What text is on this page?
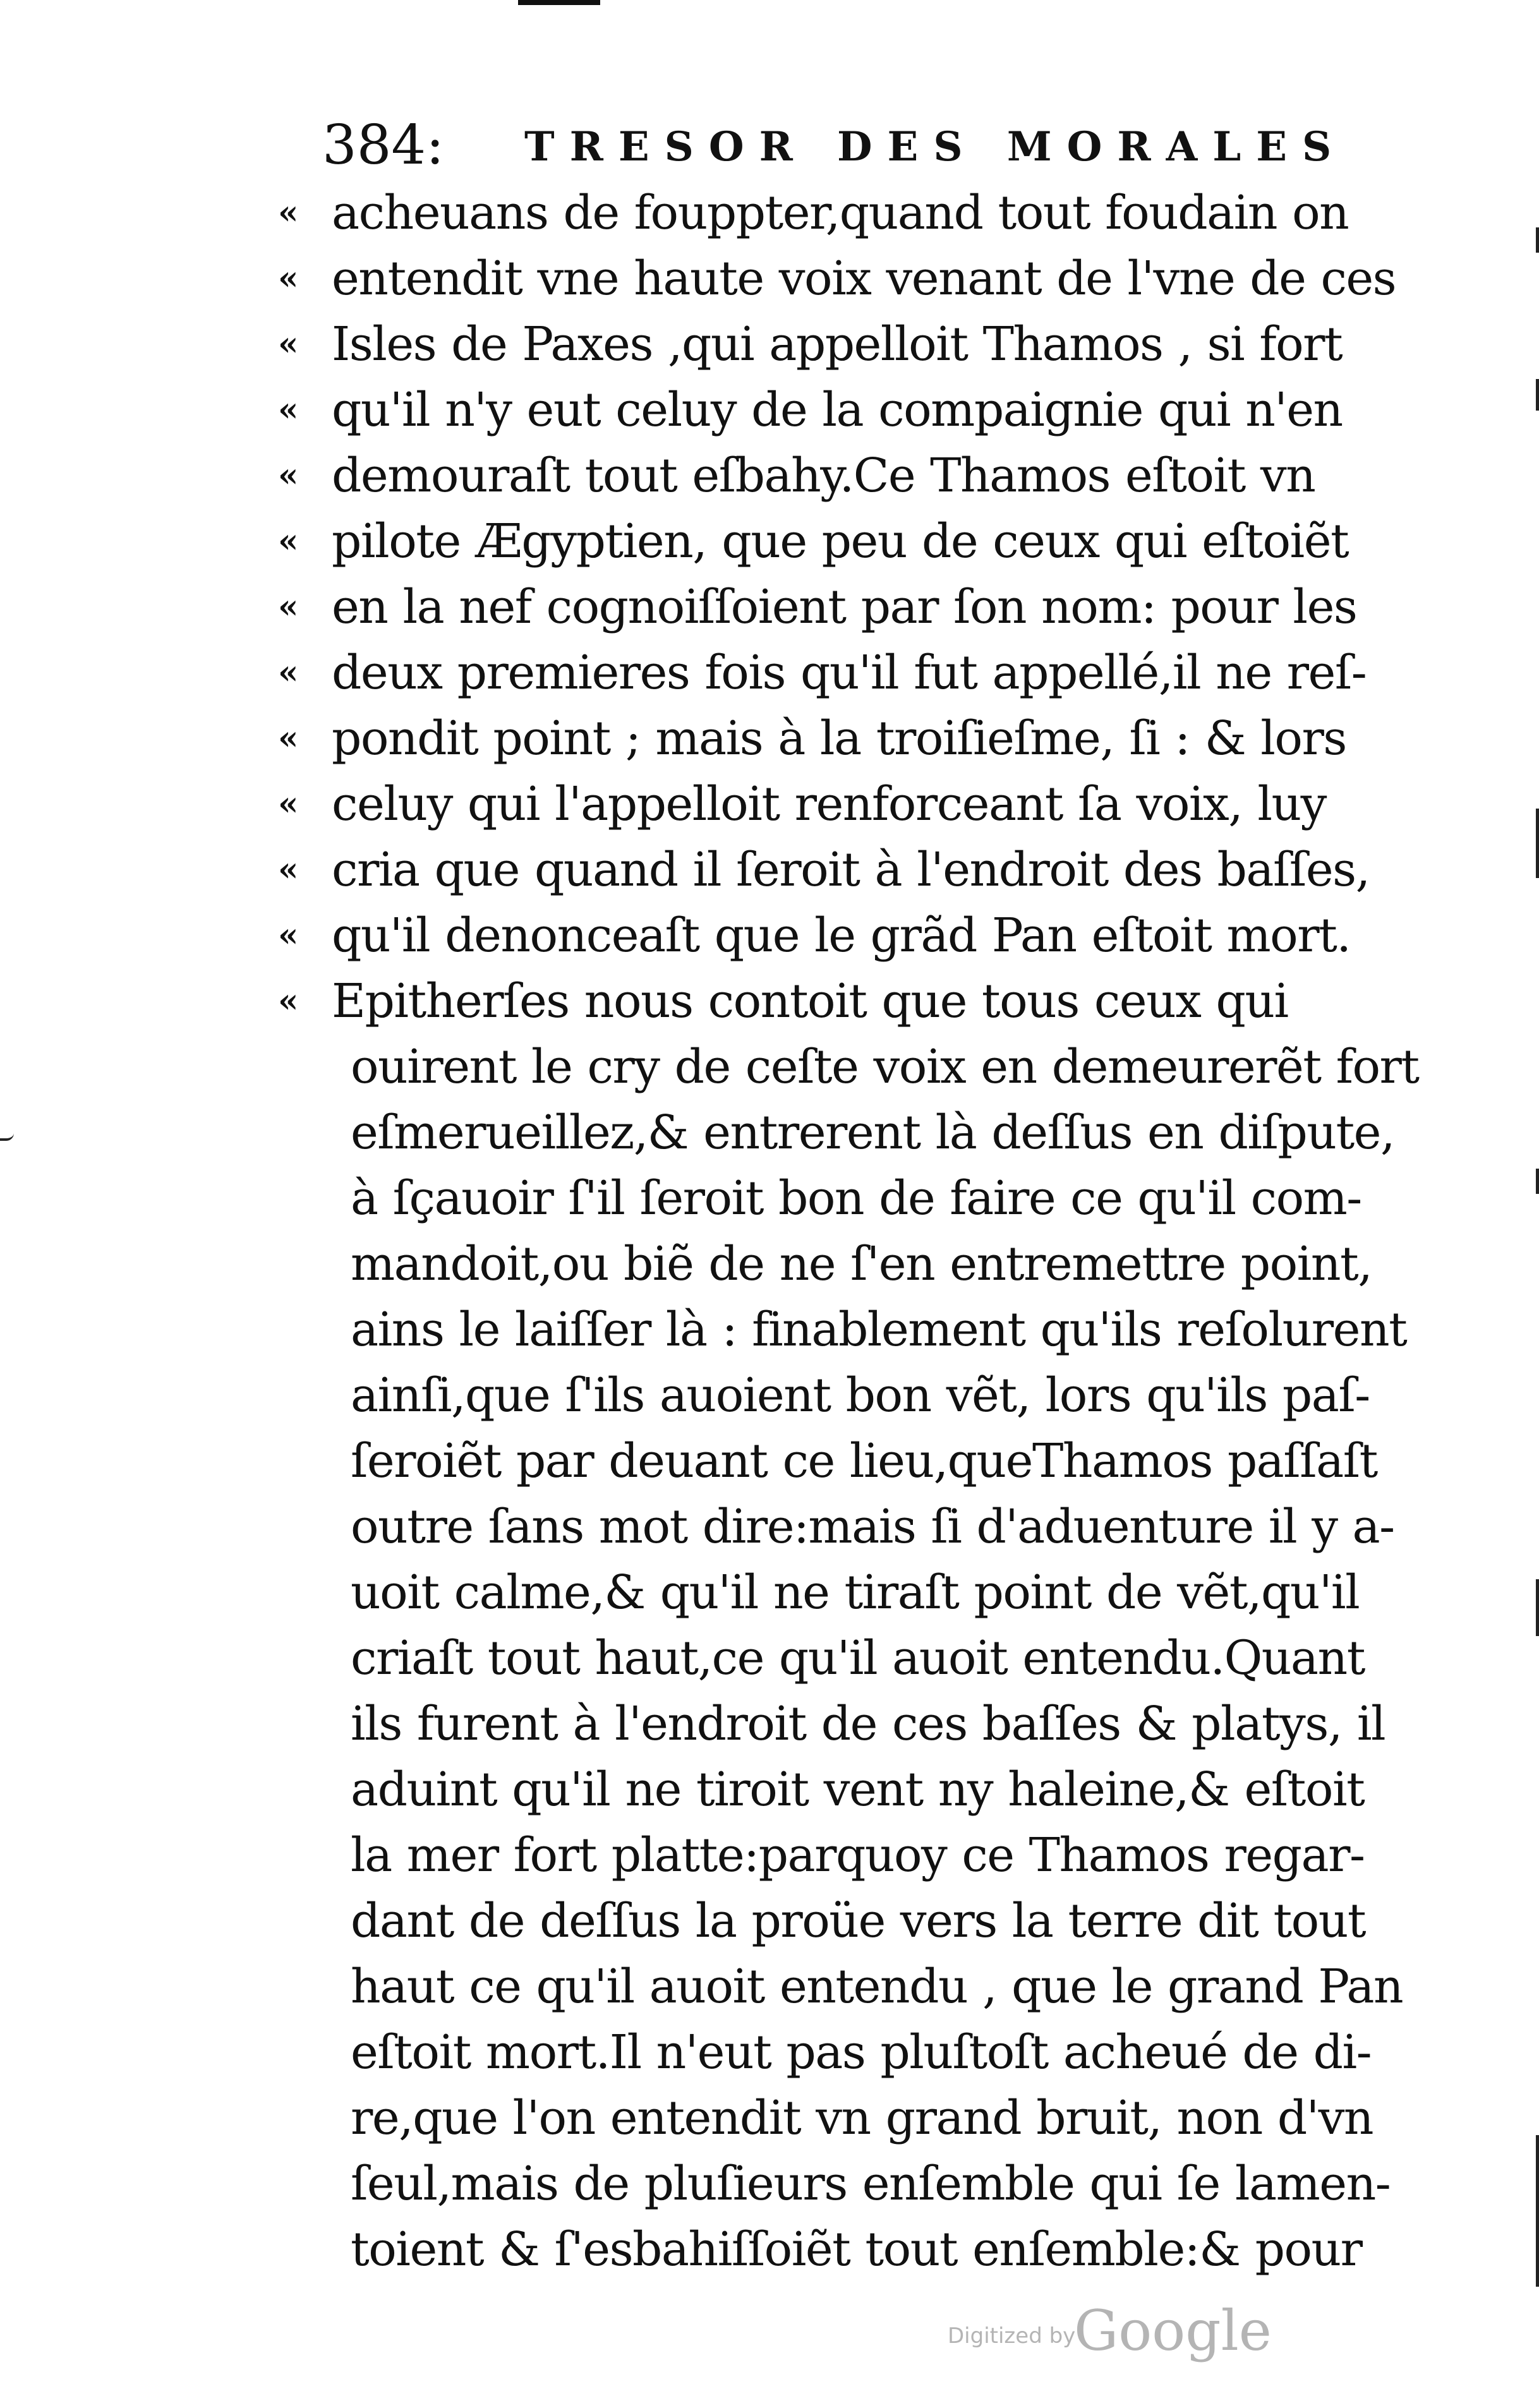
384: TRESOR DES MORALES
« acheuans de fouppter,quand tout foudain on
« entendit vne haute voix venant de l'vne de ces
« Isles de Paxes ,qui appelloit Thamos , si fort
« qu'il n'y eut celuy de la compaignie qui n'en
« demouraſt tout eſbahy.Ce Thamos eſtoit vn
« pilote Ægyptien, que peu de ceux qui eſtoiẽt
« en la nef cognoiſſoient par ſon nom: pour les
« deux premieres fois qu'il fut appellé,il ne reſ-
« pondit point ; mais à la troiſieſme, ſi : & lors
« celuy qui l'appelloit renforceant ſa voix, luy
« cria que quand il ſeroit à l'endroit des baſſes,
« qu'il denonceaſt que le grãd Pan eſtoit mort.
« Epitherſes nous contoit que tous ceux qui
ouirent le cry de ceſte voix en demeurerẽt fort
eſmerueillez,& entrerent là deſſus en diſpute,
à ſçauoir ſ'il ſeroit bon de faire ce qu'il com-
mandoit,ou biẽ de ne ſ'en entremettre point,
ains le laiſſer là : finablement qu'ils reſolurent
ainſi,que ſ'ils auoient bon vẽt, lors qu'ils paſ-
ſeroiẽt par deuant ce lieu,queThamos paſſaſt
outre ſans mot dire:mais ſi d'aduenture il y a-
uoit calme,& qu'il ne tiraſt point de vẽt,qu'il
criaſt tout haut,ce qu'il auoit entendu.Quant
ils furent à l'endroit de ces baſſes & platys, il
aduint qu'il ne tiroit vent ny haleine,& eſtoit
la mer fort platte:parquoy ce Thamos regar-
dant de deſſus la proüe vers la terre dit tout
haut ce qu'il auoit entendu , que le grand Pan
eſtoit mort.Il n'eut pas pluſtoſt acheué de di-
re,que l'on entendit vn grand bruit, non d'vn
ſeul,mais de pluſieurs enſemble qui ſe lamen-
toient & ſ'esbahiſſoiẽt tout enſemble:& pour
Digitized by
Google
